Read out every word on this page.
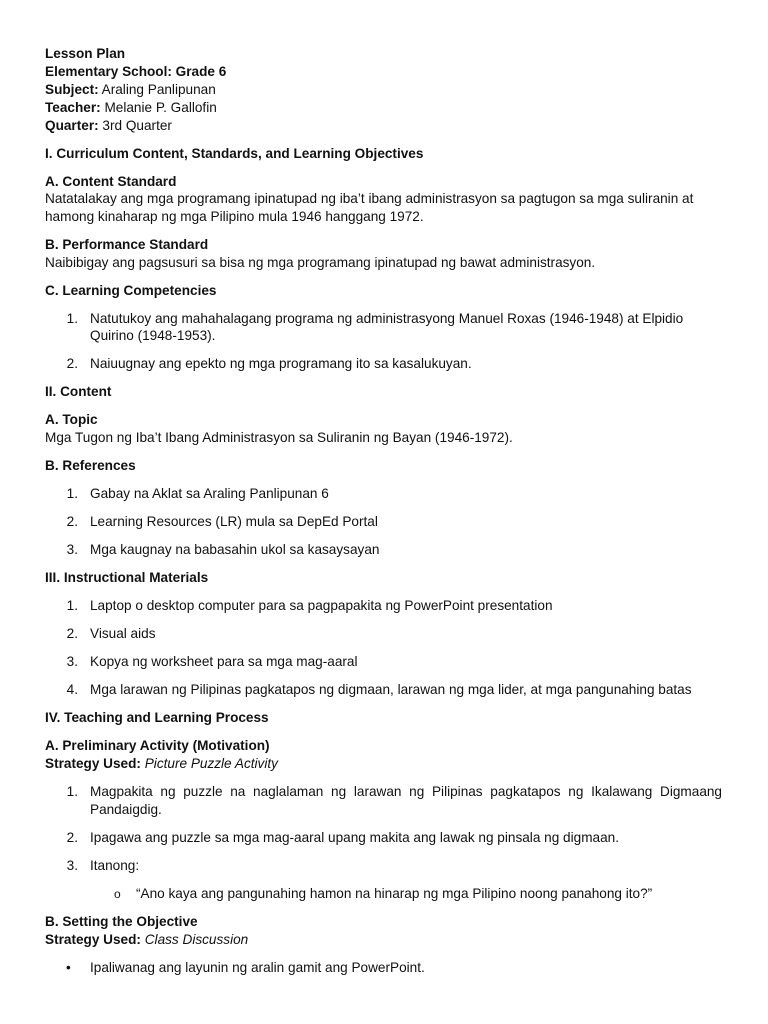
Lesson Plan
Elementary School: Grade 6
Subject: Araling Panlipunan
Teacher: Melanie P. Gallofin
Quarter: 3rd Quarter
I. Curriculum Content, Standards, and Learning Objectives
A. Content Standard
Natatalakay ang mga programang ipinatupad ng iba’t ibang administrasyon sa pagtugon sa mga suliranin at
hamong kinaharap ng mga Pilipino mula 1946 hanggang 1972.
B. Performance Standard
Naibibigay ang pagsusuri sa bisa ng mga programang ipinatupad ng bawat administrasyon.
C. Learning Competencies
1. Natutukoy ang mahahalagang programa ng administrasyong Manuel Roxas (1946-1948) at Elpidio
Quirino (1948-1953).
2. Naiuugnay ang epekto ng mga programang ito sa kasalukuyan.
II. Content
A. Topic
Mga Tugon ng Iba’t Ibang Administrasyon sa Suliranin ng Bayan (1946-1972).
B. References
1. Gabay na Aklat sa Araling Panlipunan 6
2. Learning Resources (LR) mula sa DepEd Portal
3. Mga kaugnay na babasahin ukol sa kasaysayan
III. Instructional Materials
1. Laptop o desktop computer para sa pagpapakita ng PowerPoint presentation
2. Visual aids
3. Kopya ng worksheet para sa mga mag-aaral
4. Mga larawan ng Pilipinas pagkatapos ng digmaan, larawan ng mga lider, at mga pangunahing batas
IV. Teaching and Learning Process
A. Preliminary Activity (Motivation)
Strategy Used: Picture Puzzle Activity
1. Magpakita ng puzzle na naglalaman ng larawan ng Pilipinas pagkatapos ng Ikalawang Digmaang
Pandaigdig.
2. Ipagawa ang puzzle sa mga mag-aaral upang makita ang lawak ng pinsala ng digmaan.
3. Itanong:
o “Ano kaya ang pangunahing hamon na hinarap ng mga Pilipino noong panahong ito?”
B. Setting the Objective
Strategy Used: Class Discussion
• Ipaliwanag ang layunin ng aralin gamit ang PowerPoint.
